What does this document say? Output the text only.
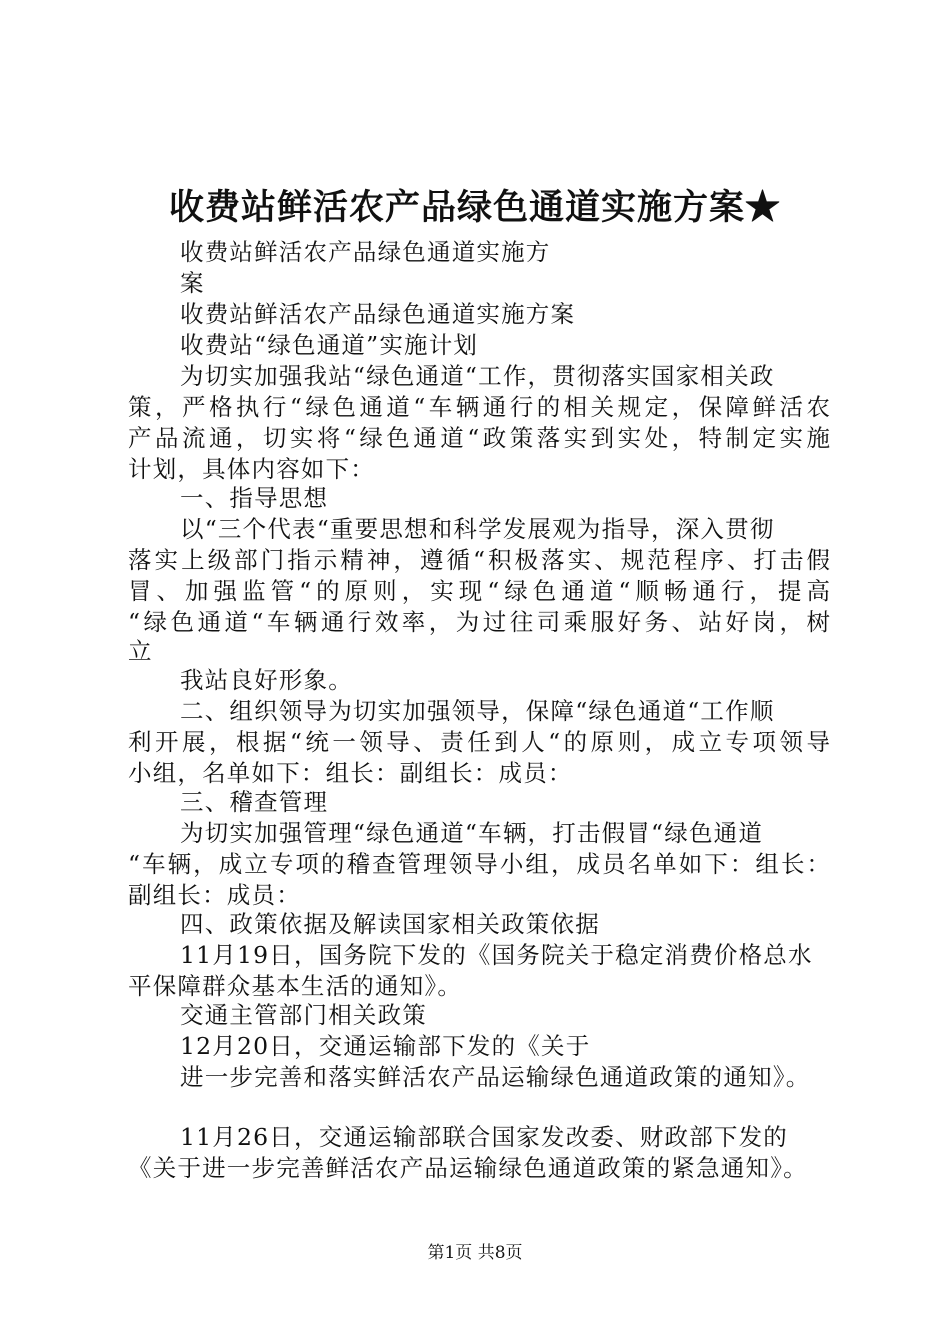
收费站鲜活农产品绿色通道实施方案★
收费站鲜活农产品绿色通道实施方
案
收费站鲜活农产品绿色通道实施方案
收费站“绿色通道”实施计划
为切实加强我站“绿色通道“工作，贯彻落实国家相关政
策，严格执行“绿色通道“车辆通行的相关规定，保障鲜活农
产品流通，切实将“绿色通道“政策落实到实处，特制定实施
计划，具体内容如下：
一、指导思想
以“三个代表“重要思想和科学发展观为指导，深入贯彻
落实上级部门指示精神，遵循“积极落实、规范程序、打击假
冒、加强监管“的原则，实现“绿色通道“顺畅通行，提高
“绿色通道“车辆通行效率，为过往司乘服好务、站好岗，树
立
我站良好形象。
二、组织领导为切实加强领导，保障“绿色通道“工作顺
利开展，根据“统一领导、责任到人“的原则，成立专项领导
小组，名单如下：组长：副组长：成员：
三、稽查管理
为切实加强管理“绿色通道“车辆，打击假冒“绿色通道
“车辆，成立专项的稽查管理领导小组，成员名单如下：组长：
副组长：成员：
四、政策依据及解读国家相关政策依据
11月19日，国务院下发的《国务院关于稳定消费价格总水
平保障群众基本生活的通知》。
交通主管部门相关政策
12月20日，交通运输部下发的《关于
进一步完善和落实鲜活农产品运输绿色通道政策的通知》。
11月26日，交通运输部联合国家发改委、财政部下发的
《关于进一步完善鲜活农产品运输绿色通道政策的紧急通知》。
第1页 共8页
